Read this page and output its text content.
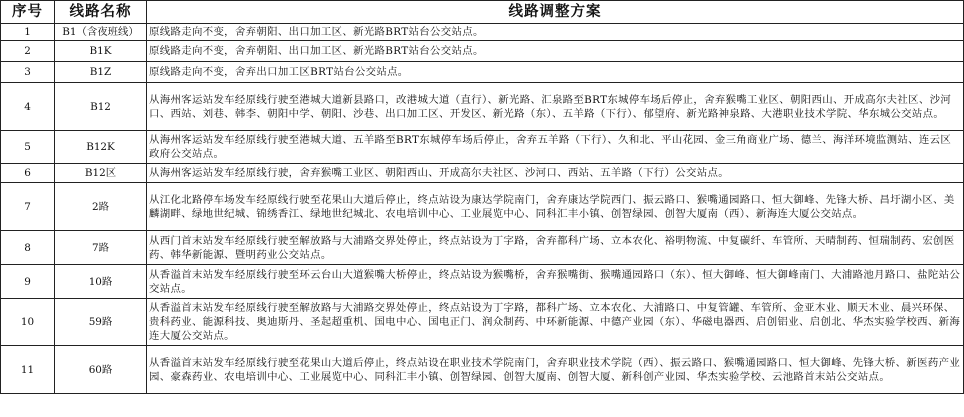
序号	线路名称	线路调整方案
1	B1（含夜班线）	原线路走向不变，舍弃朝阳、出口加工区、新光路BRT站台公交站点。
2	B1K	原线路走向不变，舍弃朝阳、出口加工区、新光路BRT站台公交站点。
3	B1Z	原线路走向不变，舍弃出口加工区BRT站台公交站点。
4	B12	从海州客运站发车经原线行驶至港城大道新县路口，改港城大道（直行）、新光路、汇泉路至BRT东城停车场后停止，舍弃猴嘴工业区、朝阳西山、开成高尔夫社区、沙河口、西站、刘巷、韩李、朝阳中学、朝阳、沙巷、出口加工区、开发区、新光路（东）、五羊路（下行）、郁望府、新光路神泉路、大港职业技术学院、华东城公交站点。
5	B12K	从海州客运站发车经原线行驶至港城大道、五羊路至BRT东城停车场后停止，舍弃五羊路（下行）、久和北、平山花园、金三角商业广场、德兰、海洋环境监测站、连云区政府公交站点。
6	B12区	从海州客运站发车经原线行驶，舍弃猴嘴工业区、朝阳西山、开成高尔夫社区、沙河口、西站、五羊路（下行）公交站点。
7	2路	从江化北路停车场发车经原线行驶至花果山大道后停止，终点站设为康达学院南门，舍弃康达学院西门、振云路口、猴嘴通园路口、恒大御峰、先锋大桥、昌圩湖小区、美麟湖畔、绿地世纪城、锦绣香江、绿地世纪城北、农电培训中心、工业展览中心、同科汇丰小镇、创智绿园、创智大厦南（西）、新海连大厦公交站点。
8	7路	从西门首末站发车经原线行驶至解放路与大浦路交界处停止，终点站设为丁字路，舍弃都科广场、立本农化、裕明物流、中复碳纤、车管所、天晴制药、恒瑞制药、宏创医药、韩华新能源、暨明药业公交站点。
9	10路	从香溢首末站发车经原线行驶至环云台山大道猴嘴大桥停止，终点站设为猴嘴桥，舍弃猴嘴街、猴嘴通园路口（东）、恒大御峰、恒大御峰南门、大浦路池月路口、盐陀站公交站点。
10	59路	从香溢首末站发车经原线行驶至解放路与大浦路交界处停止，终点站设为丁字路，都科广场、立本农化、大浦路口、中复管罐、车管所、金亚木业、顺天木业、晨兴环保、贵科药业、能源科技、奥迪斯丹、圣起超重机、国电中心、国电正门、润众制药、中环新能源、中德产业园（东）、华磁电器西、启创铝业、启创北、华杰实验学校西、新海连大厦公交站点。
11	60路	从香溢首末站发车经原线行驶至花果山大道后停止，终点站设在职业技术学院南门，舍弃职业技术学院（西）、振云路口、猴嘴通园路口、恒大御峰、先锋大桥、新医药产业园、豪森药业、农电培训中心、工业展览中心、同科汇丰小镇、创智绿园、创智大厦南、创智大厦、新科创产业园、华杰实验学校、云池路首末站公交站点。
